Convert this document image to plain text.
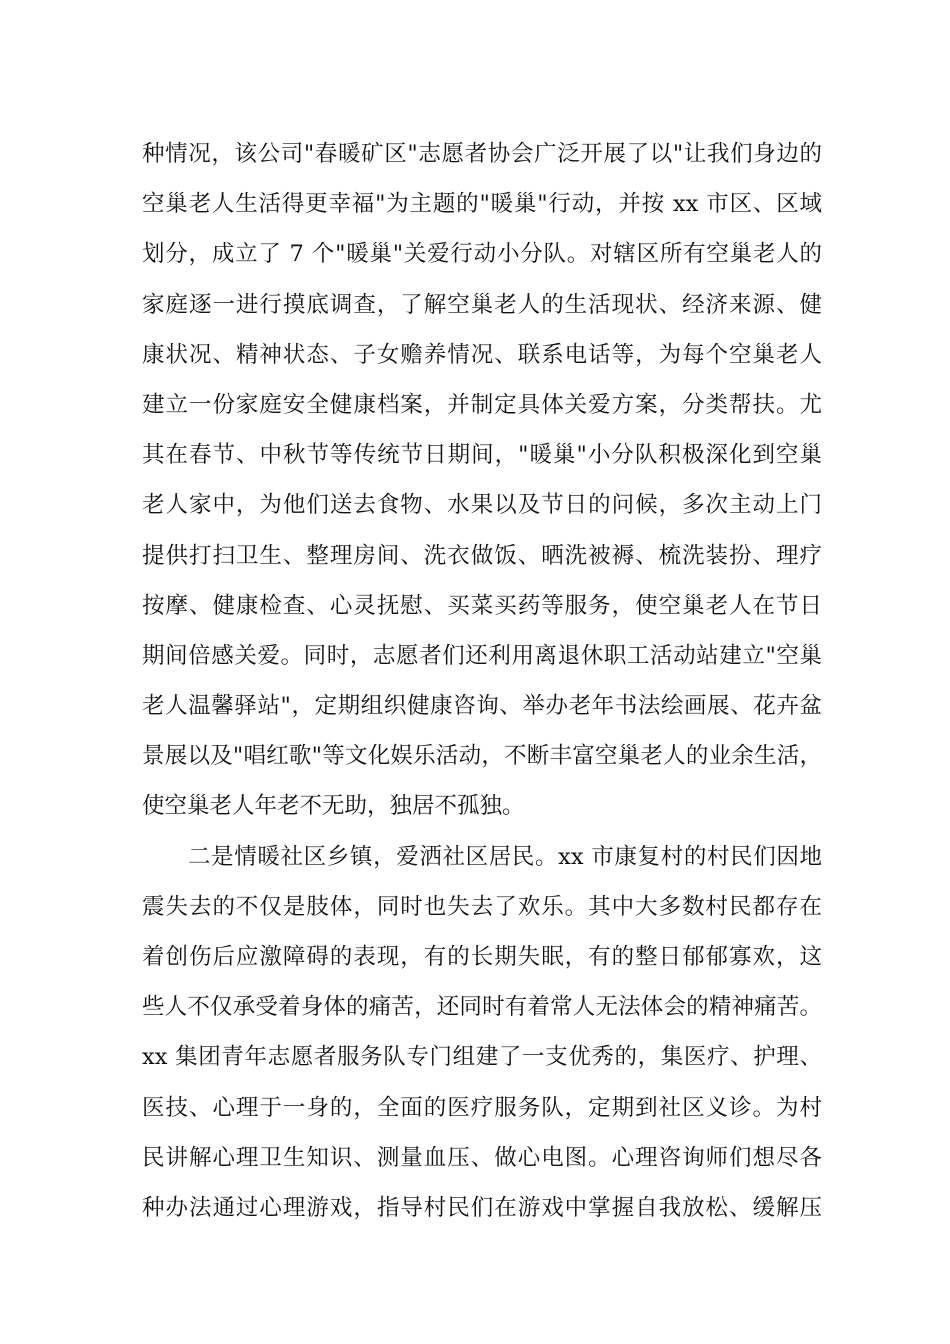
种情况，该公司"春暖矿区"志愿者协会广泛开展了以"让我们身边的
空巢老人生活得更幸福"为主题的"暖巢"行动，并按 xx 市区、区域
划分，成立了 7 个"暖巢"关爱行动小分队。对辖区所有空巢老人的
家庭逐一进行摸底调查，了解空巢老人的生活现状、经济来源、健
康状况、精神状态、子女赡养情况、联系电话等，为每个空巢老人
建立一份家庭安全健康档案，并制定具体关爱方案，分类帮扶。尤
其在春节、中秋节等传统节日期间，"暖巢"小分队积极深化到空巢
老人家中，为他们送去食物、水果以及节日的问候，多次主动上门
提供打扫卫生、整理房间、洗衣做饭、晒洗被褥、梳洗装扮、理疗
按摩、健康检查、心灵抚慰、买菜买药等服务，使空巢老人在节日
期间倍感关爱。同时，志愿者们还利用离退休职工活动站建立"空巢
老人温馨驿站"，定期组织健康咨询、举办老年书法绘画展、花卉盆
景展以及"唱红歌"等文化娱乐活动，不断丰富空巢老人的业余生活，
使空巢老人年老不无助，独居不孤独。
二是情暖社区乡镇，爱洒社区居民。xx 市康复村的村民们因地
震失去的不仅是肢体，同时也失去了欢乐。其中大多数村民都存在
着创伤后应激障碍的表现，有的长期失眠，有的整日郁郁寡欢，这
些人不仅承受着身体的痛苦，还同时有着常人无法体会的精神痛苦。
xx 集团青年志愿者服务队专门组建了一支优秀的，集医疗、护理、
医技、心理于一身的，全面的医疗服务队，定期到社区义诊。为村
民讲解心理卫生知识、测量血压、做心电图。心理咨询师们想尽各
种办法通过心理游戏，指导村民们在游戏中掌握自我放松、缓解压
